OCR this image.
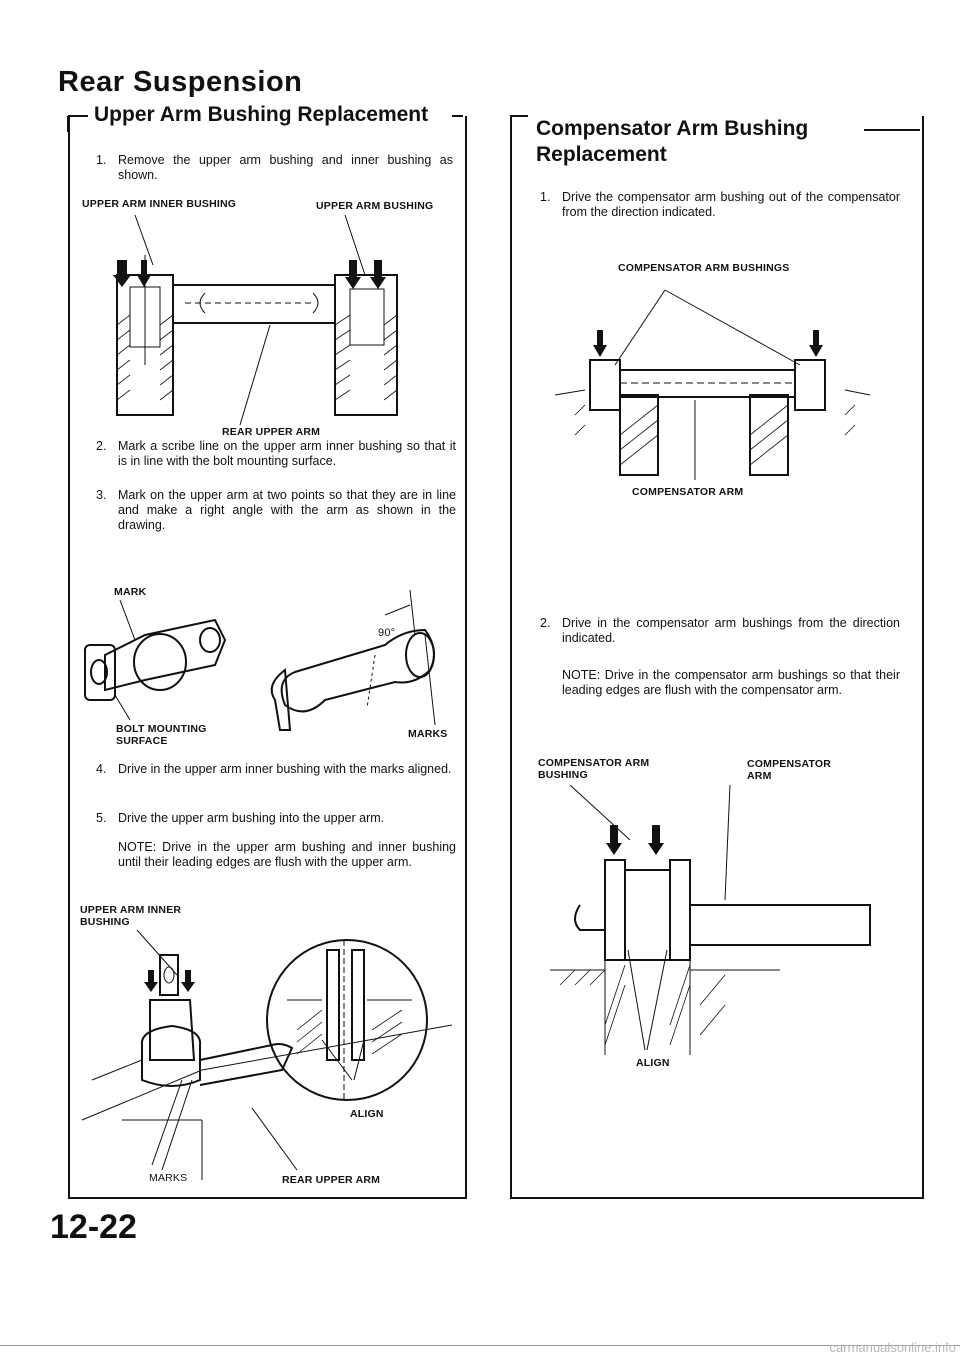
Rear Suspension
Upper Arm Bushing Replacement
1. Remove the upper arm bushing and inner bushing as shown.
UPPER ARM INNER BUSHING	UPPER ARM BUSHING
REAR UPPER ARM
2. Mark a scribe line on the upper arm inner bushing so that it is in line with the bolt mounting surface.
3. Mark on the upper arm at two points so that they are in line and make a right angle with the arm as shown in the drawing.
MARK
90°
BOLT MOUNTING SURFACE
MARKS
4. Drive in the upper arm inner bushing with the marks aligned.
5. Drive the upper arm bushing into the upper arm.
NOTE: Drive in the upper arm bushing and inner bushing until their leading edges are flush with the upper arm.
UPPER ARM INNER BUSHING
ALIGN
MARKS	REAR UPPER ARM
Compensator Arm Bushing
Replacement
1. Drive the compensator arm bushing out of the compensator from the direction indicated.
COMPENSATOR ARM BUSHINGS
COMPENSATOR ARM
2. Drive in the compensator arm bushings from the direction indicated.
NOTE: Drive in the compensator arm bushings so that their leading edges are flush with the compensator arm.
COMPENSATOR ARM BUSHING
COMPENSATOR ARM
ALIGN
12-22
carmanualsonline.info
